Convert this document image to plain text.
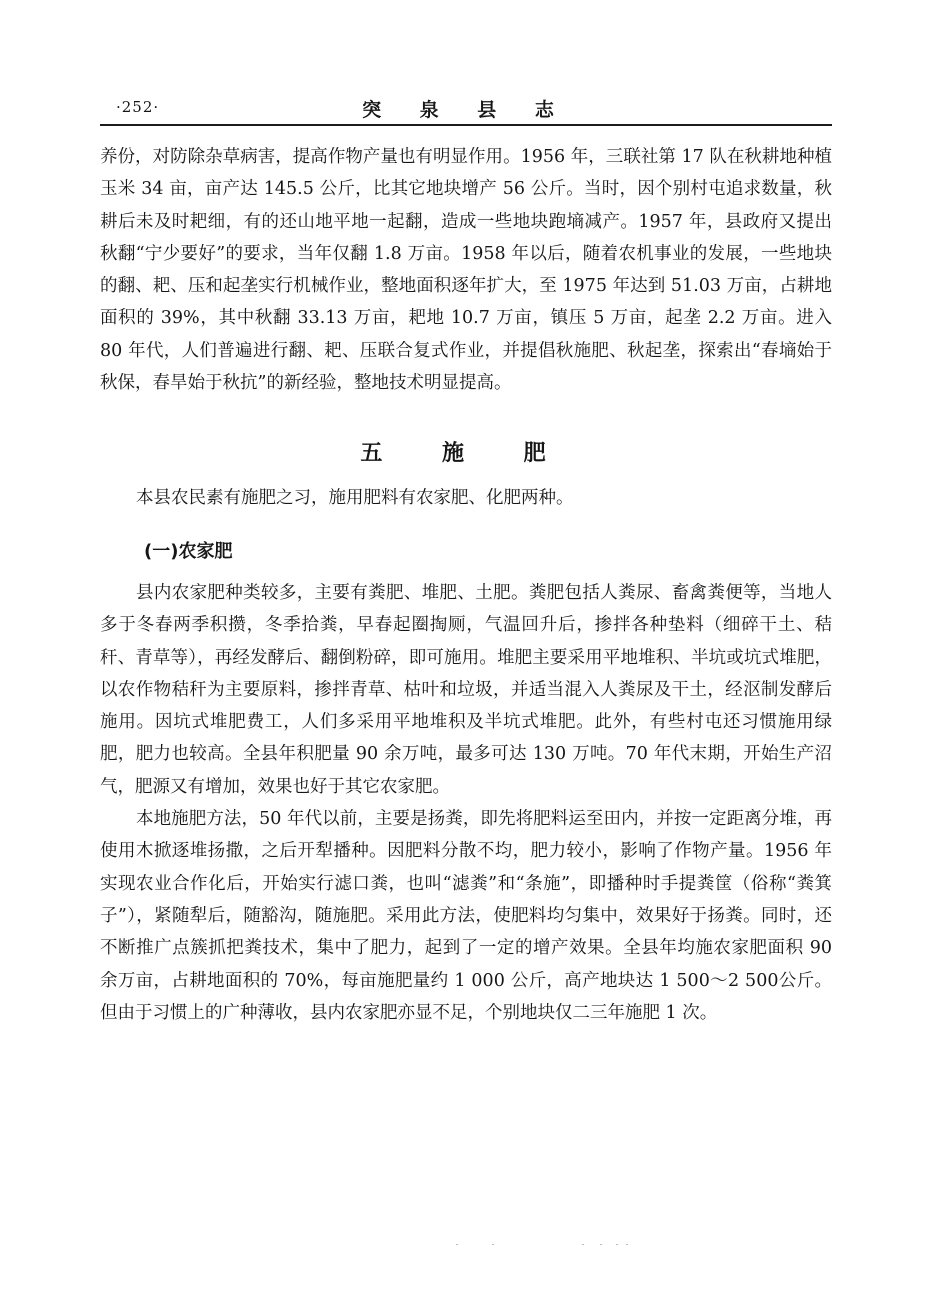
·252·	突 泉 县 志

养份，对防除杂草病害，提高作物产量也有明显作用。1956 年，三联社第 17 队在秋耕地种植玉米 34 亩，亩产达 145.5 公斤，比其它地块增产 56 公斤。当时，因个别村屯追求数量，秋耕后未及时耙细，有的还山地平地一起翻，造成一些地块跑墒减产。1957 年，县政府又提出秋翻“宁少要好”的要求，当年仅翻 1.8 万亩。1958 年以后，随着农机事业的发展，一些地块的翻、耙、压和起垄实行机械作业，整地面积逐年扩大，至 1975 年达到 51.03 万亩，占耕地面积的 39%，其中秋翻 33.13 万亩，耙地 10.7 万亩，镇压 5 万亩，起垄 2.2 万亩。进入 80 年代，人们普遍进行翻、耙、压联合复式作业，并提倡秋施肥、秋起垄，探索出“春墒始于秋保，春旱始于秋抗”的新经验，整地技术明显提高。

五 施 肥

本县农民素有施肥之习，施用肥料有农家肥、化肥两种。

(一)农家肥

县内农家肥种类较多，主要有粪肥、堆肥、土肥。粪肥包括人粪尿、畜禽粪便等，当地人多于冬春两季积攒，冬季拾粪，早春起圈掏厕，气温回升后，掺拌各种垫料（细碎干土、秸秆、青草等），再经发酵后、翻倒粉碎，即可施用。堆肥主要采用平地堆积、半坑或坑式堆肥，以农作物秸秆为主要原料，掺拌青草、枯叶和垃圾，并适当混入人粪尿及干土，经沤制发酵后施用。因坑式堆肥费工，人们多采用平地堆积及半坑式堆肥。此外，有些村屯还习惯施用绿肥，肥力也较高。全县年积肥量 90 余万吨，最多可达 130 万吨。70 年代末期，开始生产沼气，肥源又有增加，效果也好于其它农家肥。

本地施肥方法，50 年代以前，主要是扬粪，即先将肥料运至田内，并按一定距离分堆，再使用木掀逐堆扬撒，之后开犁播种。因肥料分散不均，肥力较小，影响了作物产量。1956 年实现农业合作化后，开始实行滤口粪，也叫“滤粪”和“条施”，即播种时手提粪筐（俗称“粪箕子”），紧随犁后，随豁沟，随施肥。采用此方法，使肥料均匀集中，效果好于扬粪。同时，还不断推广点簇抓把粪技术，集中了肥力，起到了一定的增产效果。全县年均施农家肥面积 90 余万亩，占耕地面积的 70%，每亩施肥量约 1 000 公斤，高产地块达 1 500～2 500公斤。但由于习惯上的广种薄收，县内农家肥亦显不足，个别地块仅二三年施肥 1 次。
